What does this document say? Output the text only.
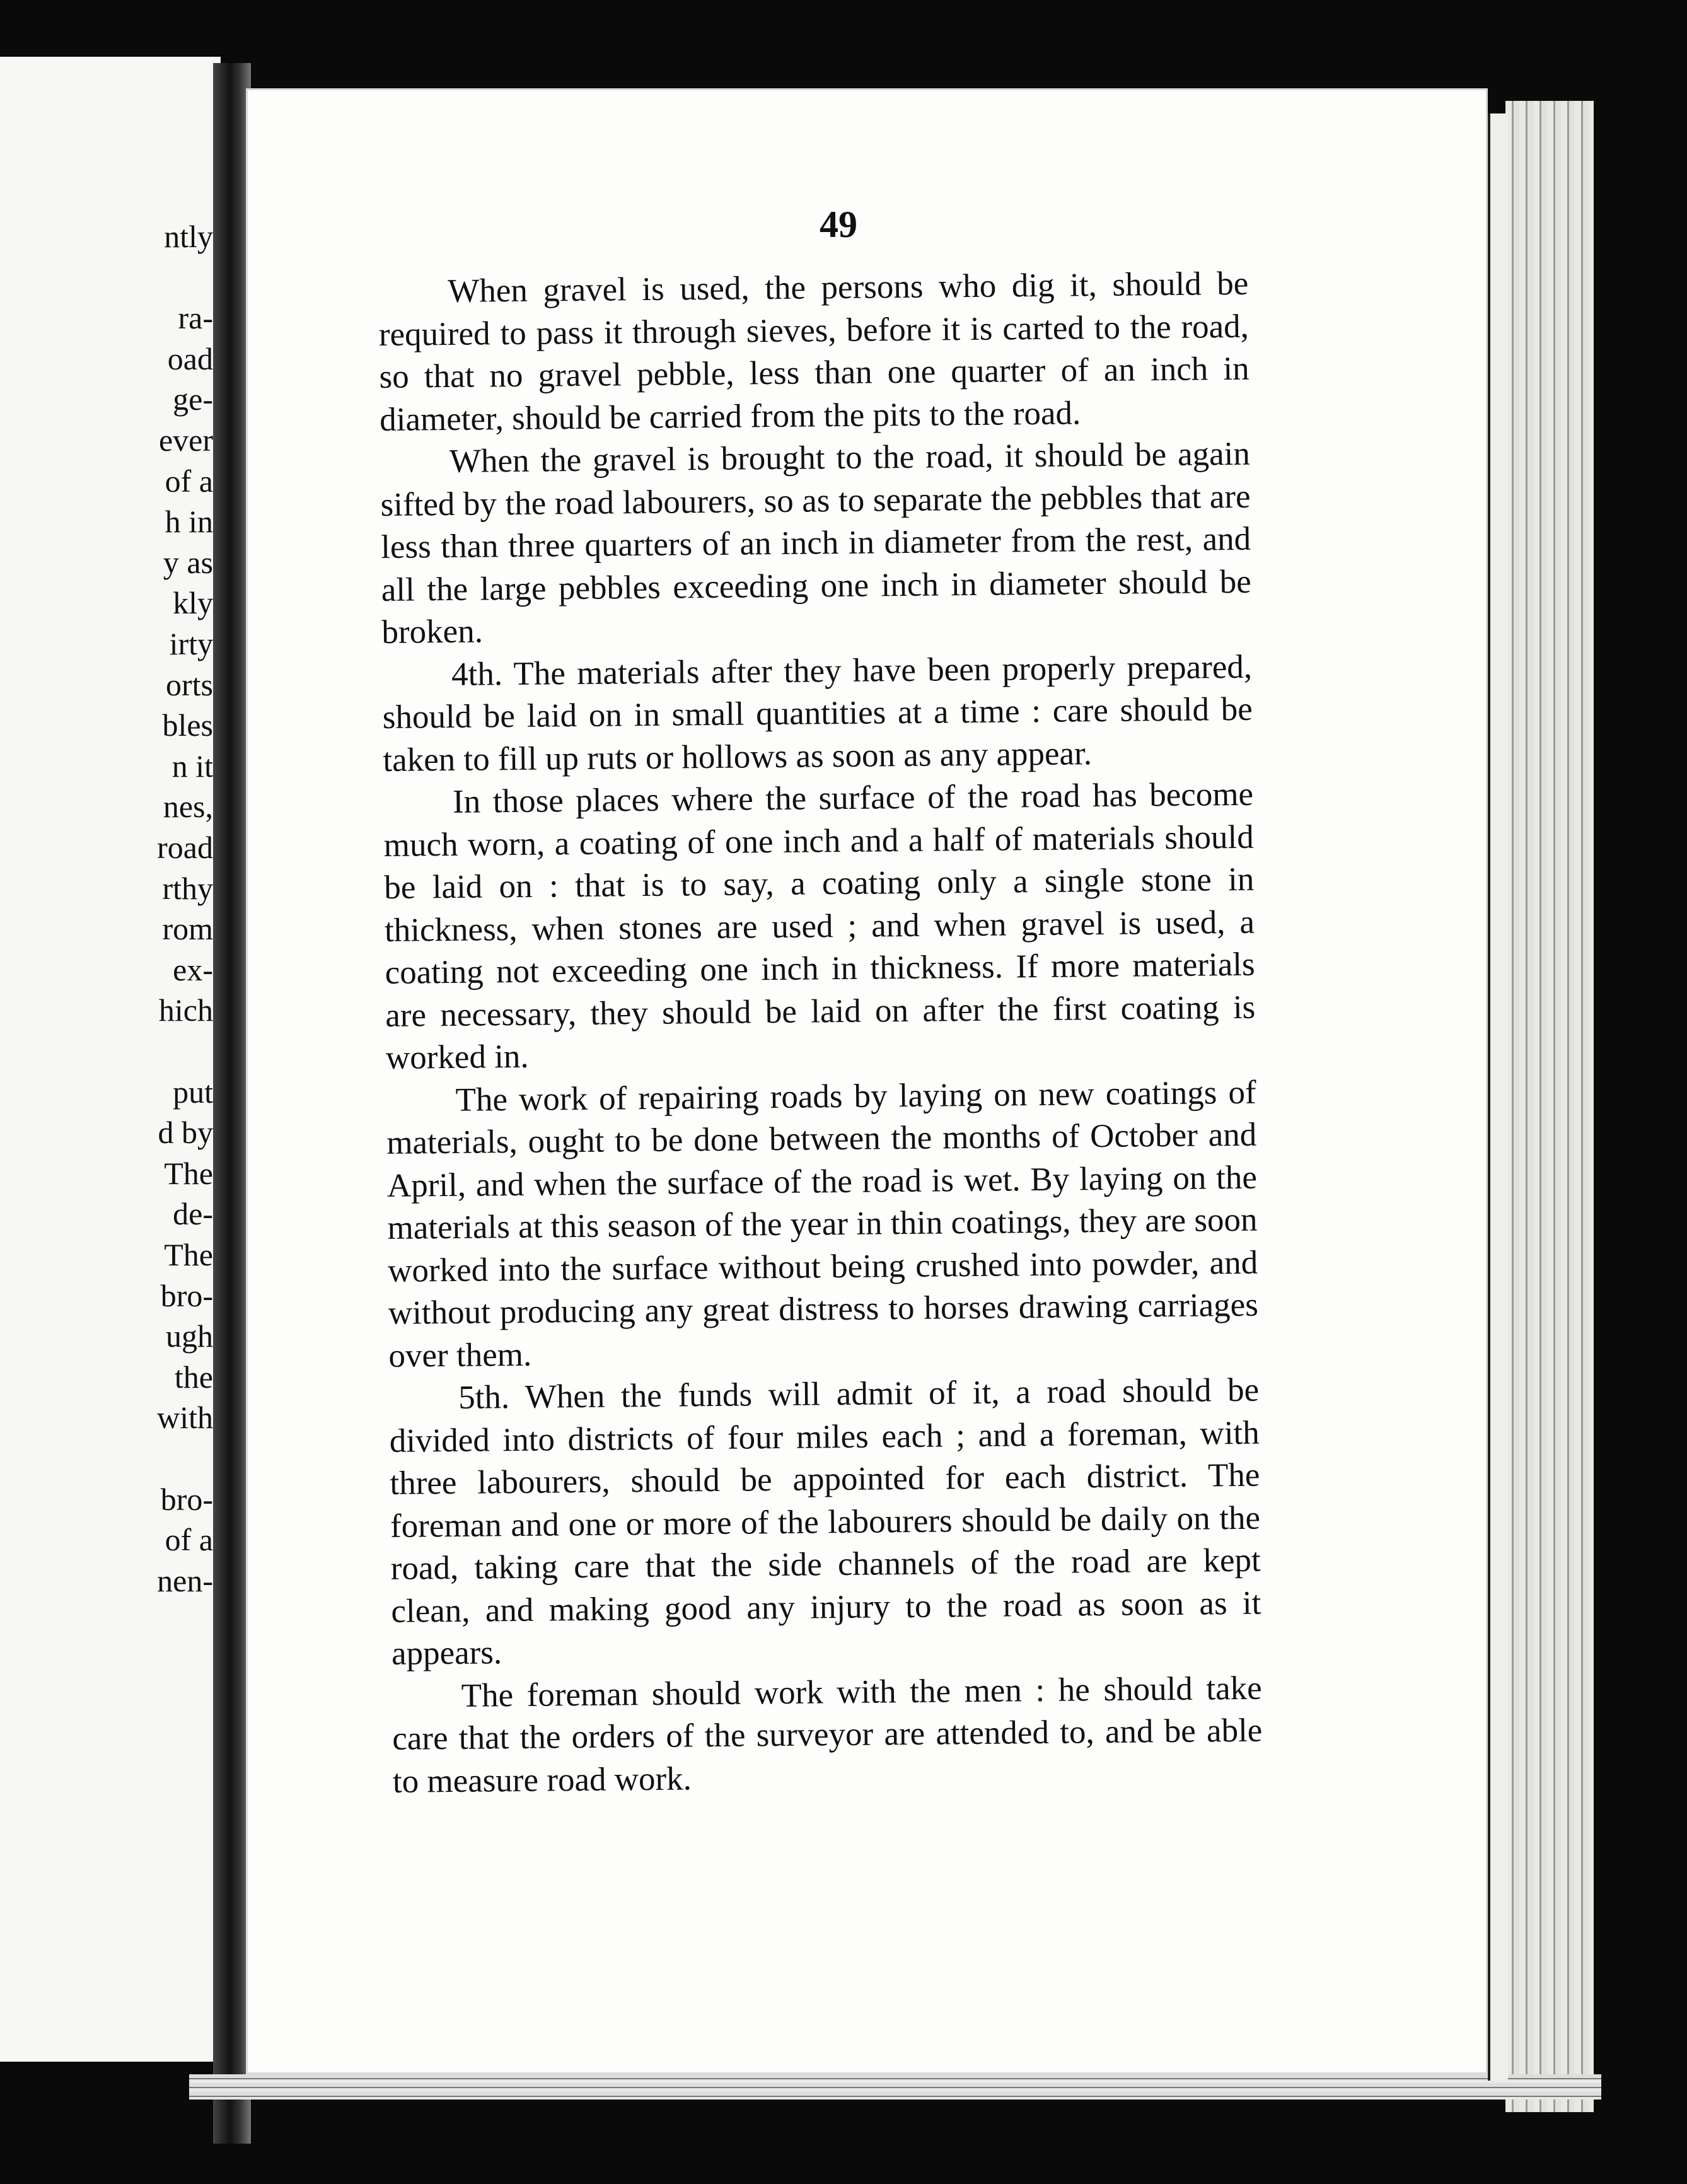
ntly
ra-
oad
ge-
ever
of a
h in
y as
kly
irty
orts
bles
n it
nes,
road
rthy
rom
ex-
hich
put
d by
The
de-
The
bro-
ugh
the
with
bro-
of a
nen-
49

When gravel is used, the persons who dig it, should be required to pass it through sieves, before it is carted to the road, so that no gravel pebble, less than one quarter of an inch in diameter, should be carried from the pits to the road.

When the gravel is brought to the road, it should be again sifted by the road labourers, so as to separate the pebbles that are less than three quarters of an inch in diameter from the rest, and all the large pebbles exceeding one inch in diameter should be broken.

4th. The materials after they have been properly prepared, should be laid on in small quantities at a time : care should be taken to fill up ruts or hollows as soon as any appear.

In those places where the surface of the road has become much worn, a coating of one inch and a half of materials should be laid on : that is to say, a coating only a single stone in thickness, when stones are used ; and when gravel is used, a coating not exceeding one inch in thickness. If more materials are necessary, they should be laid on after the first coating is worked in.

The work of repairing roads by laying on new coatings of materials, ought to be done between the months of October and April, and when the surface of the road is wet. By laying on the materials at this season of the year in thin coatings, they are soon worked into the surface without being crushed into powder, and without producing any great distress to horses drawing carriages over them.

5th. When the funds will admit of it, a road should be divided into districts of four miles each ; and a foreman, with three labourers, should be appointed for each district. The foreman and one or more of the labourers should be daily on the road, taking care that the side channels of the road are kept clean, and making good any injury to the road as soon as it appears.

The foreman should work with the men : he should take care that the orders of the surveyor are attended to, and be able to measure road work.
